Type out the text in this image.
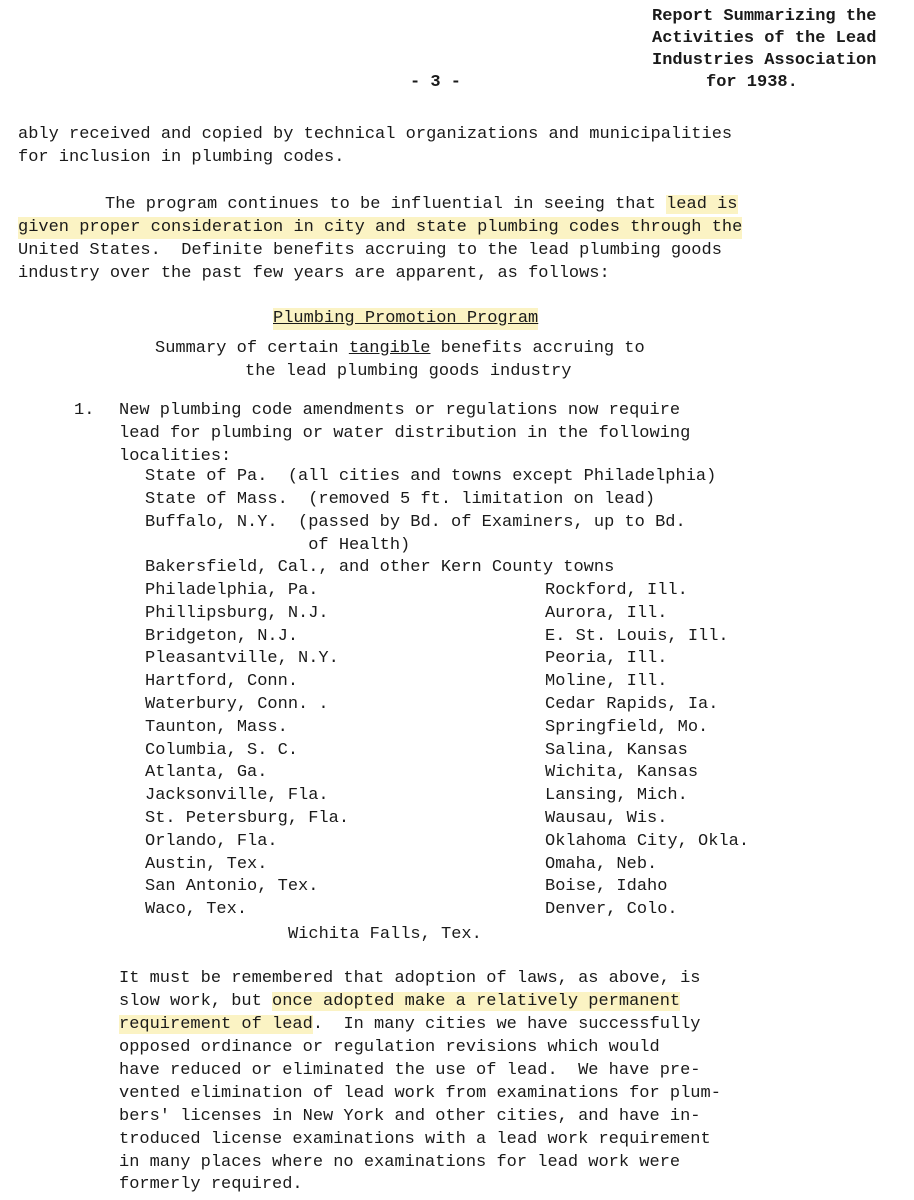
Report Summarizing the
Activities of the Lead
Industries Association
for 1938.
- 3 -
ably received and copied by technical organizations and municipalities
for inclusion in plumbing codes.
The program continues to be influential in seeing that lead is
given proper consideration in city and state plumbing codes through the
United States.  Definite benefits accruing to the lead plumbing goods
industry over the past few years are apparent, as follows:
Plumbing Promotion Program
Summary of certain tangible benefits accruing to
the lead plumbing goods industry
1. New plumbing code amendments or regulations now require
lead for plumbing or water distribution in the following
localities:
State of Pa.  (all cities and towns except Philadelphia)
State of Mass.  (removed 5 ft. limitation on lead)
Buffalo, N.Y.  (passed by Bd. of Examiners, up to Bd.
of Health)
Bakersfield, Cal., and other Kern County towns
Philadelphia, Pa.
Phillipsburg, N.J.
Bridgeton, N.J.
Pleasantville, N.Y.
Hartford, Conn.
Waterbury, Conn. .
Taunton, Mass.
Columbia, S. C.
Atlanta, Ga.
Jacksonville, Fla.
St. Petersburg, Fla.
Orlando, Fla.
Austin, Tex.
San Antonio, Tex.
Waco, Tex.
Rockford, Ill.
Aurora, Ill.
E. St. Louis, Ill.
Peoria, Ill.
Moline, Ill.
Cedar Rapids, Ia.
Springfield, Mo.
Salina, Kansas
Wichita, Kansas
Lansing, Mich.
Wausau, Wis.
Oklahoma City, Okla.
Omaha, Neb.
Boise, Idaho
Denver, Colo.
Wichita Falls, Tex.
It must be remembered that adoption of laws, as above, is
slow work, but once adopted make a relatively permanent
requirement of lead.  In many cities we have successfully
opposed ordinance or regulation revisions which would
have reduced or eliminated the use of lead.  We have pre-
vented elimination of lead work from examinations for plum-
bers' licenses in New York and other cities, and have in-
troduced license examinations with a lead work requirement
in many places where no examinations for lead work were
formerly required.
